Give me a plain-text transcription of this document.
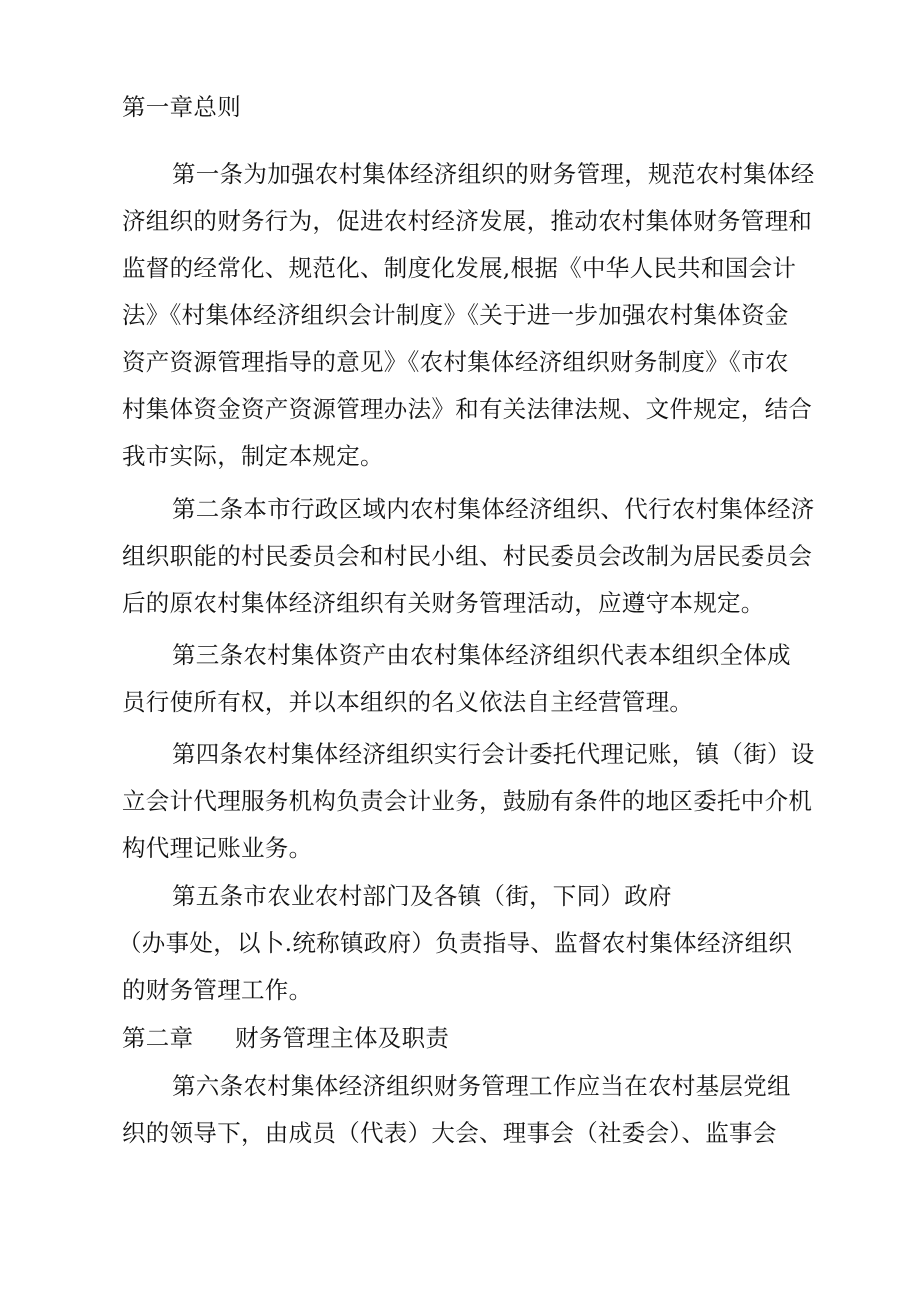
第一章总则
第一条为加强农村集体经济组织的财务管理，规范农村集体经
济组织的财务行为，促进农村经济发展，推动农村集体财务管理和
监督的经常化、规范化、制度化发展,根据《中华人民共和国会计
法》《村集体经济组织会计制度》《关于进一步加强农村集体资金
资产资源管理指导的意见》《农村集体经济组织财务制度》《市农
村集体资金资产资源管理办法》和有关法律法规、文件规定，结合
我市实际，制定本规定。
第二条本市行政区域内农村集体经济组织、代行农村集体经济
组织职能的村民委员会和村民小组、村民委员会改制为居民委员会
后的原农村集体经济组织有关财务管理活动，应遵守本规定。
第三条农村集体资产由农村集体经济组织代表本组织全体成
员行使所有权，并以本组织的名义依法自主经营管理。
第四条农村集体经济组织实行会计委托代理记账，镇（街）设
立会计代理服务机构负责会计业务，鼓励有条件的地区委托中介机
构代理记账业务。
第五条市农业农村部门及各镇（街，下同）政府
（办事处，以卜.统称镇政府）负责指导、监督农村集体经济组织
的财务管理工作。
第二章 财务管理主体及职责
第六条农村集体经济组织财务管理工作应当在农村基层党组
织的领导下，由成员（代表）大会、理事会（社委会）、监事会
